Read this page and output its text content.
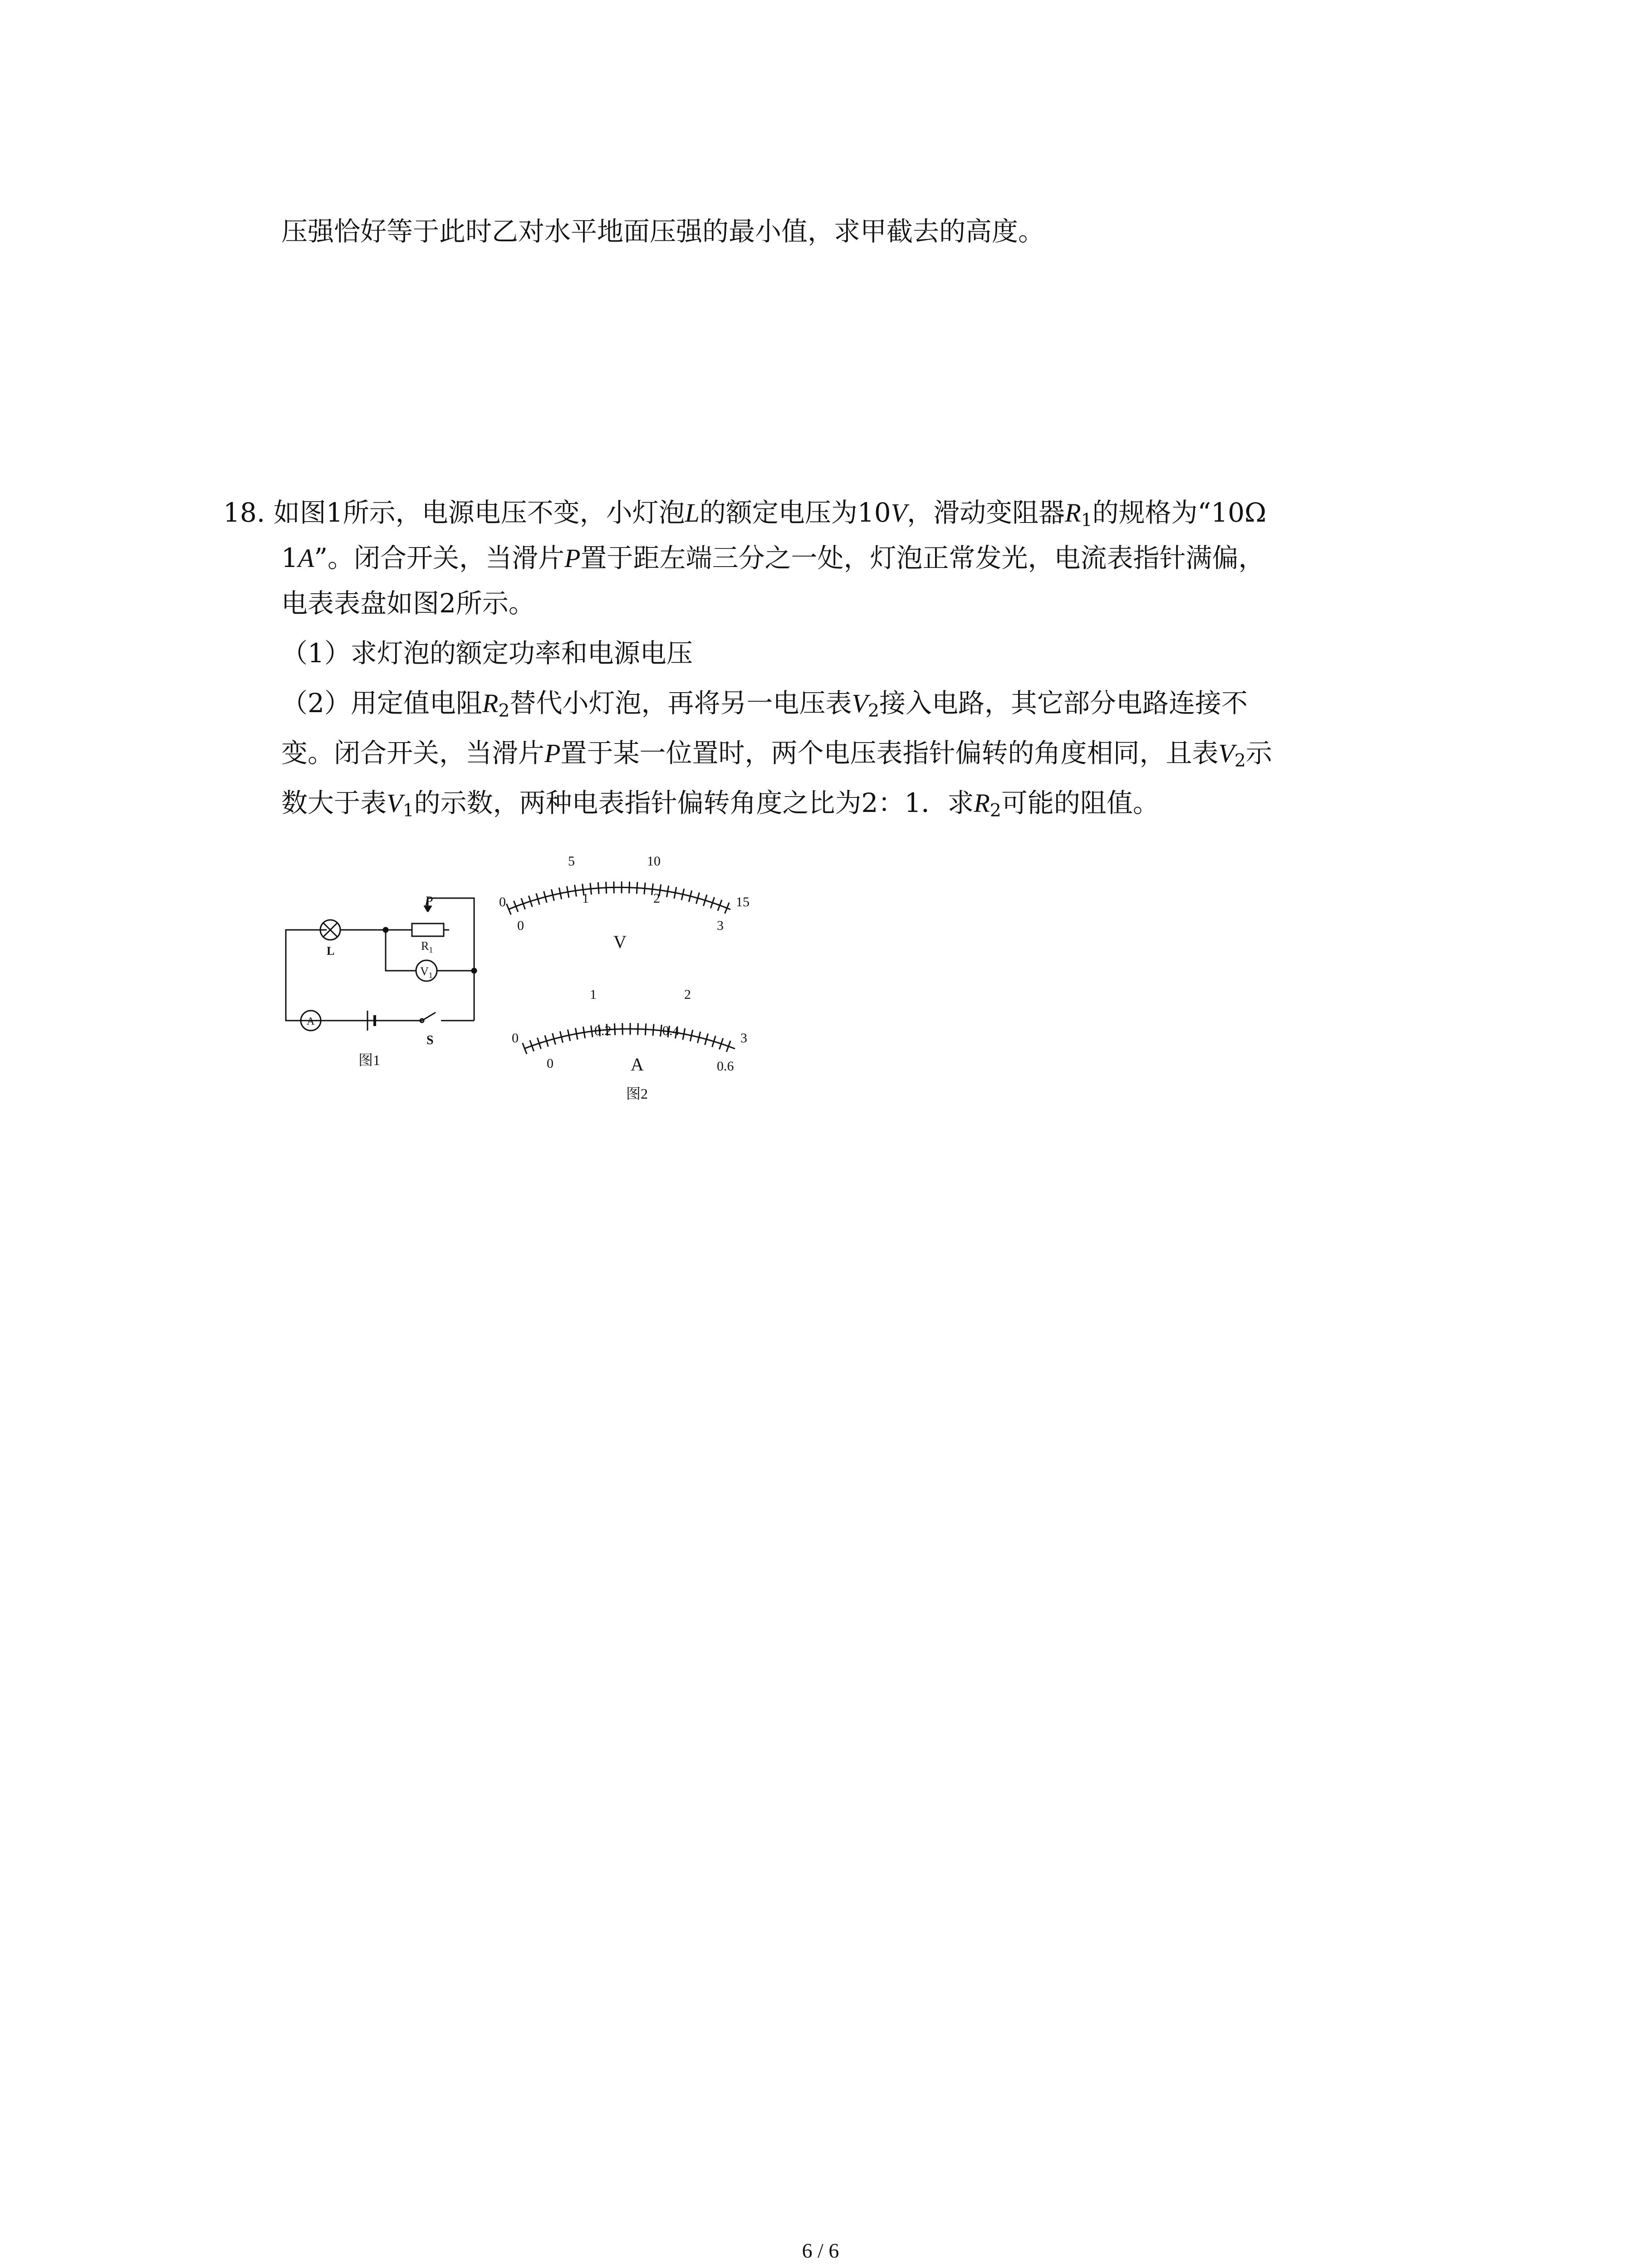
压强恰好等于此时乙对水平地面压强的最小值，求甲截去的高度。
18. 如图1所示，电源电压不变，小灯泡L的额定电压为10V，滑动变阻器$R_1$的规格为“10Ω
1A”。闭合开关，当滑片P置于距左端三分之一处，灯泡正常发光，电流表指针满偏，
电表表盘如图2所示。
（1）求灯泡的额定功率和电源电压
（2）用定值电阻$R_2$替代小灯泡，再将另一电压表$V_2$接入电路，其它部分电路连接不
变。闭合开关，当滑片P置于某一位置时，两个电压表指针偏转的角度相同，且表$V_2$示
数大于表$V_1$的示数，两种电表指针偏转角度之比为2：1．求$R_2$可能的阻值。
P
L	$R_1$
$V_1$
A
S
图1
0
5	10
15
0
1	2
3
V
0
1	2
3
0
0.2	0.4
0.6
A
图2
6 / 6
